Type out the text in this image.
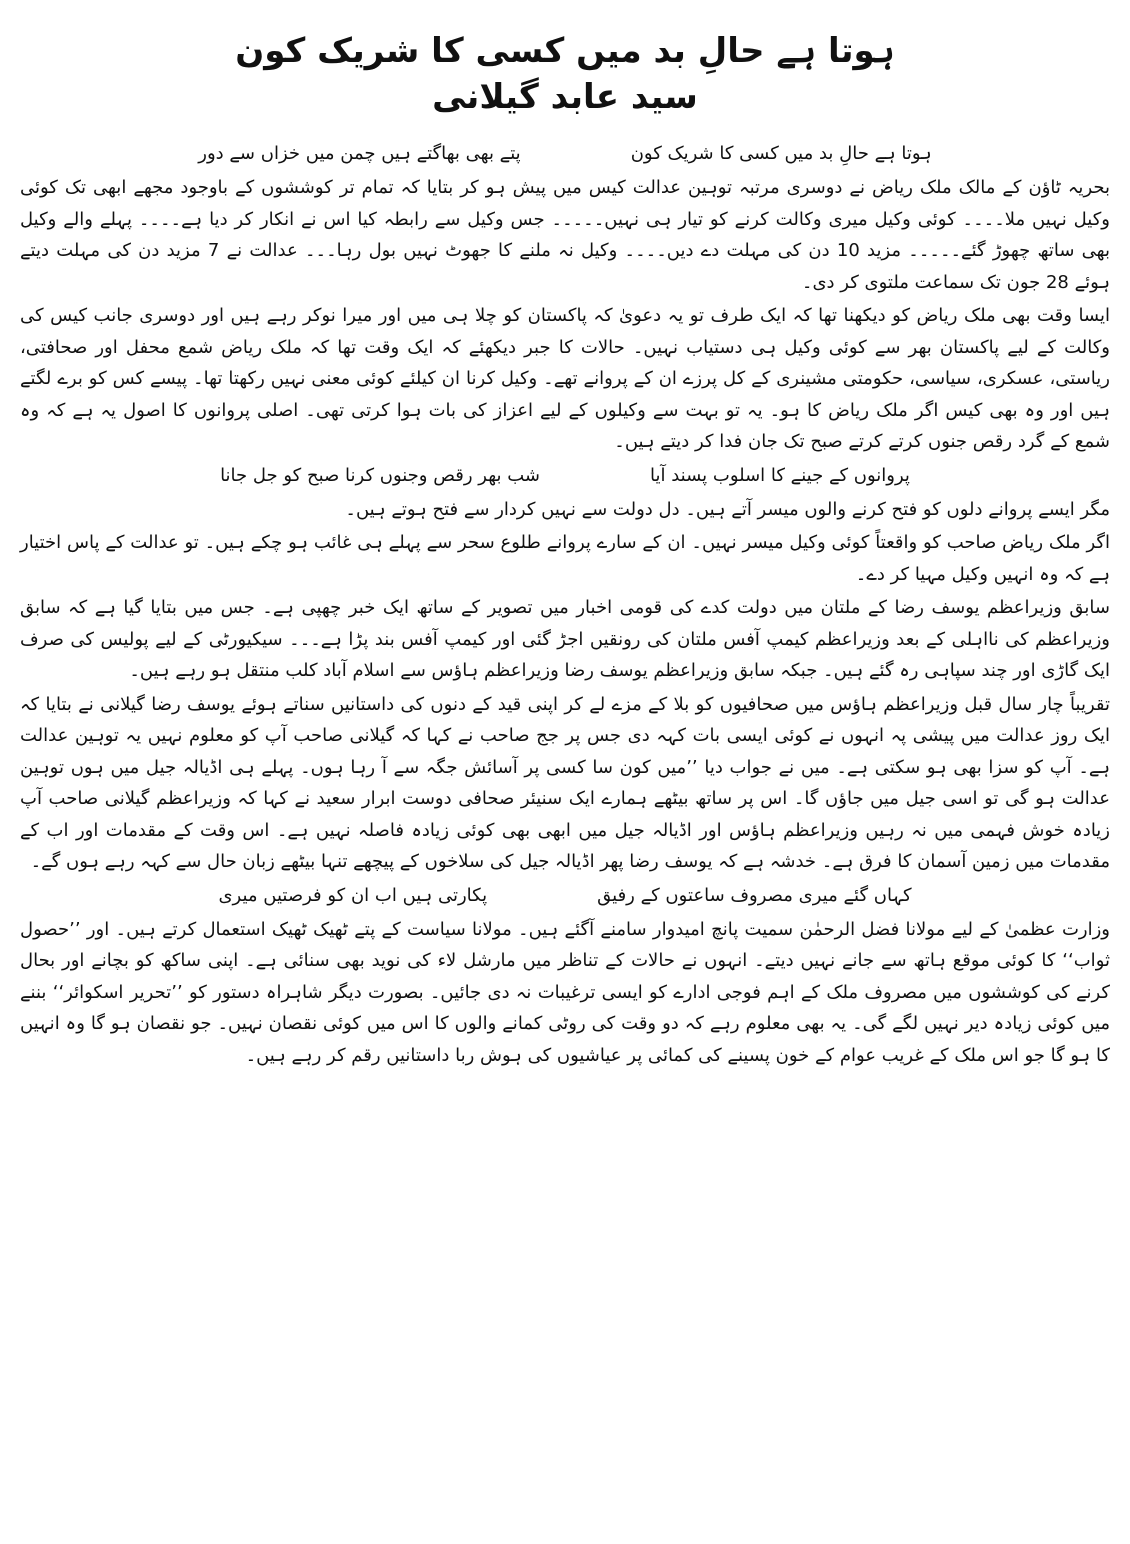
ہوتا ہے حالِ بد میں کسی کا شریک کون
سید عابد گیلانی
ہوتا ہے حالِ بد میں کسی کا شریک کون
پتے بھی بھاگتے ہیں چمن میں خزاں سے دور

بحریہ ٹاؤن کے مالک ملک ریاض نے دوسری مرتبہ توہین عدالت کیس میں پیش ہو کر بتایا کہ تمام تر کوششوں کے باوجود مجھے ابھی تک کوئی وکیل نہیں ملا۔۔۔۔ کوئی وکیل میری وکالت کرنے کو تیار ہی نہیں۔۔۔۔۔ جس وکیل سے رابطہ کیا اس نے انکار کر دیا ہے۔۔۔۔ پہلے والے وکیل بھی ساتھ چھوڑ گئے۔۔۔۔۔ مزید 10 دن کی مہلت دے دیں۔۔۔۔ وکیل نہ ملنے کا جھوٹ نہیں بول رہا۔۔۔ عدالت نے 7 مزید دن کی مہلت دیتے ہوئے 28 جون تک سماعت ملتوی کر دی۔

ایسا وقت بھی ملک ریاض کو دیکھنا تھا کہ ایک طرف تو یہ دعویٰ کہ پاکستان کو چلا ہی میں اور میرا نوکر رہے ہیں اور دوسری جانب کیس کی وکالت کے لیے پاکستان بھر سے کوئی وکیل ہی دستیاب نہیں۔ حالات کا جبر دیکھئے کہ ایک وقت تھا کہ ملک ریاض شمع محفل اور صحافتی، ریاستی، عسکری، سیاسی، حکومتی مشینری کے کل پرزے ان کے پروانے تھے۔ وکیل کرنا ان کیلئے کوئی معنی نہیں رکھتا تھا۔ پیسے کس کو برے لگتے ہیں اور وہ بھی کیس اگر ملک ریاض کا ہو۔ یہ تو بہت سے وکیلوں کے لیے اعزاز کی بات ہوا کرتی تھی۔ اصلی پروانوں کا اصول یہ ہے کہ وہ شمع کے گرد رقص جنوں کرتے کرتے صبح تک جان فدا کر دیتے ہیں۔

پروانوں کے جینے کا اسلوب پسند آیا
شب بھر رقص وجنوں کرنا صبح کو جل جانا

مگر ایسے پروانے دلوں کو فتح کرنے والوں میسر آتے ہیں۔ دل دولت سے نہیں کردار سے فتح ہوتے ہیں۔

اگر ملک ریاض صاحب کو واقعتاً کوئی وکیل میسر نہیں۔ ان کے سارے پروانے طلوع سحر سے پہلے ہی غائب ہو چکے ہیں۔ تو عدالت کے پاس اختیار ہے کہ وہ انہیں وکیل مہیا کر دے۔

سابق وزیراعظم یوسف رضا کے ملتان میں دولت کدے کی قومی اخبار میں تصویر کے ساتھ ایک خبر چھپی ہے۔ جس میں بتایا گیا ہے کہ سابق وزیراعظم کی نااہلی کے بعد وزیراعظم کیمپ آفس ملتان کی رونقیں اجڑ گئی اور کیمپ آفس بند پڑا ہے۔۔۔ سیکیورٹی کے لیے پولیس کی صرف ایک گاڑی اور چند سپاہی رہ گئے ہیں۔ جبکہ سابق وزیراعظم یوسف رضا وزیراعظم ہاؤس سے اسلام آباد کلب منتقل ہو رہے ہیں۔

تقریباً چار سال قبل وزیراعظم ہاؤس میں صحافیوں کو بلا کے مزے لے کر اپنی قید کے دنوں کی داستانیں سناتے ہوئے یوسف رضا گیلانی نے بتایا کہ ایک روز عدالت میں پیشی پہ انہوں نے کوئی ایسی بات کہہ دی جس پر جج صاحب نے کہا کہ گیلانی صاحب آپ کو معلوم نہیں یہ توہین عدالت ہے۔ آپ کو سزا بھی ہو سکتی ہے۔ میں نے جواب دیا ’’میں کون سا کسی پر آسائش جگہ سے آ رہا ہوں۔ پہلے ہی اڈیالہ جیل میں ہوں توہین عدالت ہو گی تو اسی جیل میں جاؤں گا۔ اس پر ساتھ بیٹھے ہمارے ایک سنیئر صحافی دوست ابرار سعید نے کہا کہ وزیراعظم گیلانی صاحب آپ زیادہ خوش فہمی میں نہ رہیں وزیراعظم ہاؤس اور اڈیالہ جیل میں ابھی بھی کوئی زیادہ فاصلہ نہیں ہے۔ اس وقت کے مقدمات اور اب کے مقدمات میں زمین آسمان کا فرق ہے۔ خدشہ ہے کہ یوسف رضا پھر اڈیالہ جیل کی سلاخوں کے پیچھے تنہا بیٹھے زبان حال سے کہہ رہے ہوں گے۔

کہاں گئے میری مصروف ساعتوں کے رفیق
پکارتی ہیں اب ان کو فرصتیں میری

وزارت عظمیٰ کے لیے مولانا فضل الرحمٰن سمیت پانچ امیدوار سامنے آگئے ہیں۔ مولانا سیاست کے پتے ٹھیک ٹھیک استعمال کرتے ہیں۔ اور ’’حصول ثواب‘‘ کا کوئی موقع ہاتھ سے جانے نہیں دیتے۔ انہوں نے حالات کے تناظر میں مارشل لاء کی نوید بھی سنائی ہے۔ اپنی ساکھ کو بچانے اور بحال کرنے کی کوششوں میں مصروف ملک کے اہم فوجی ادارے کو ایسی ترغیبات نہ دی جائیں۔ بصورت دیگر شاہراہ دستور کو ’’تحریر اسکوائر‘‘ بننے میں کوئی زیادہ دیر نہیں لگے گی۔ یہ بھی معلوم رہے کہ دو وقت کی روٹی کمانے والوں کا اس میں کوئی نقصان نہیں۔ جو نقصان ہو گا وہ انہیں کا ہو گا جو اس ملک کے غریب عوام کے خون پسینے کی کمائی پر عیاشیوں کی ہوش ربا داستانیں رقم کر رہے ہیں۔
